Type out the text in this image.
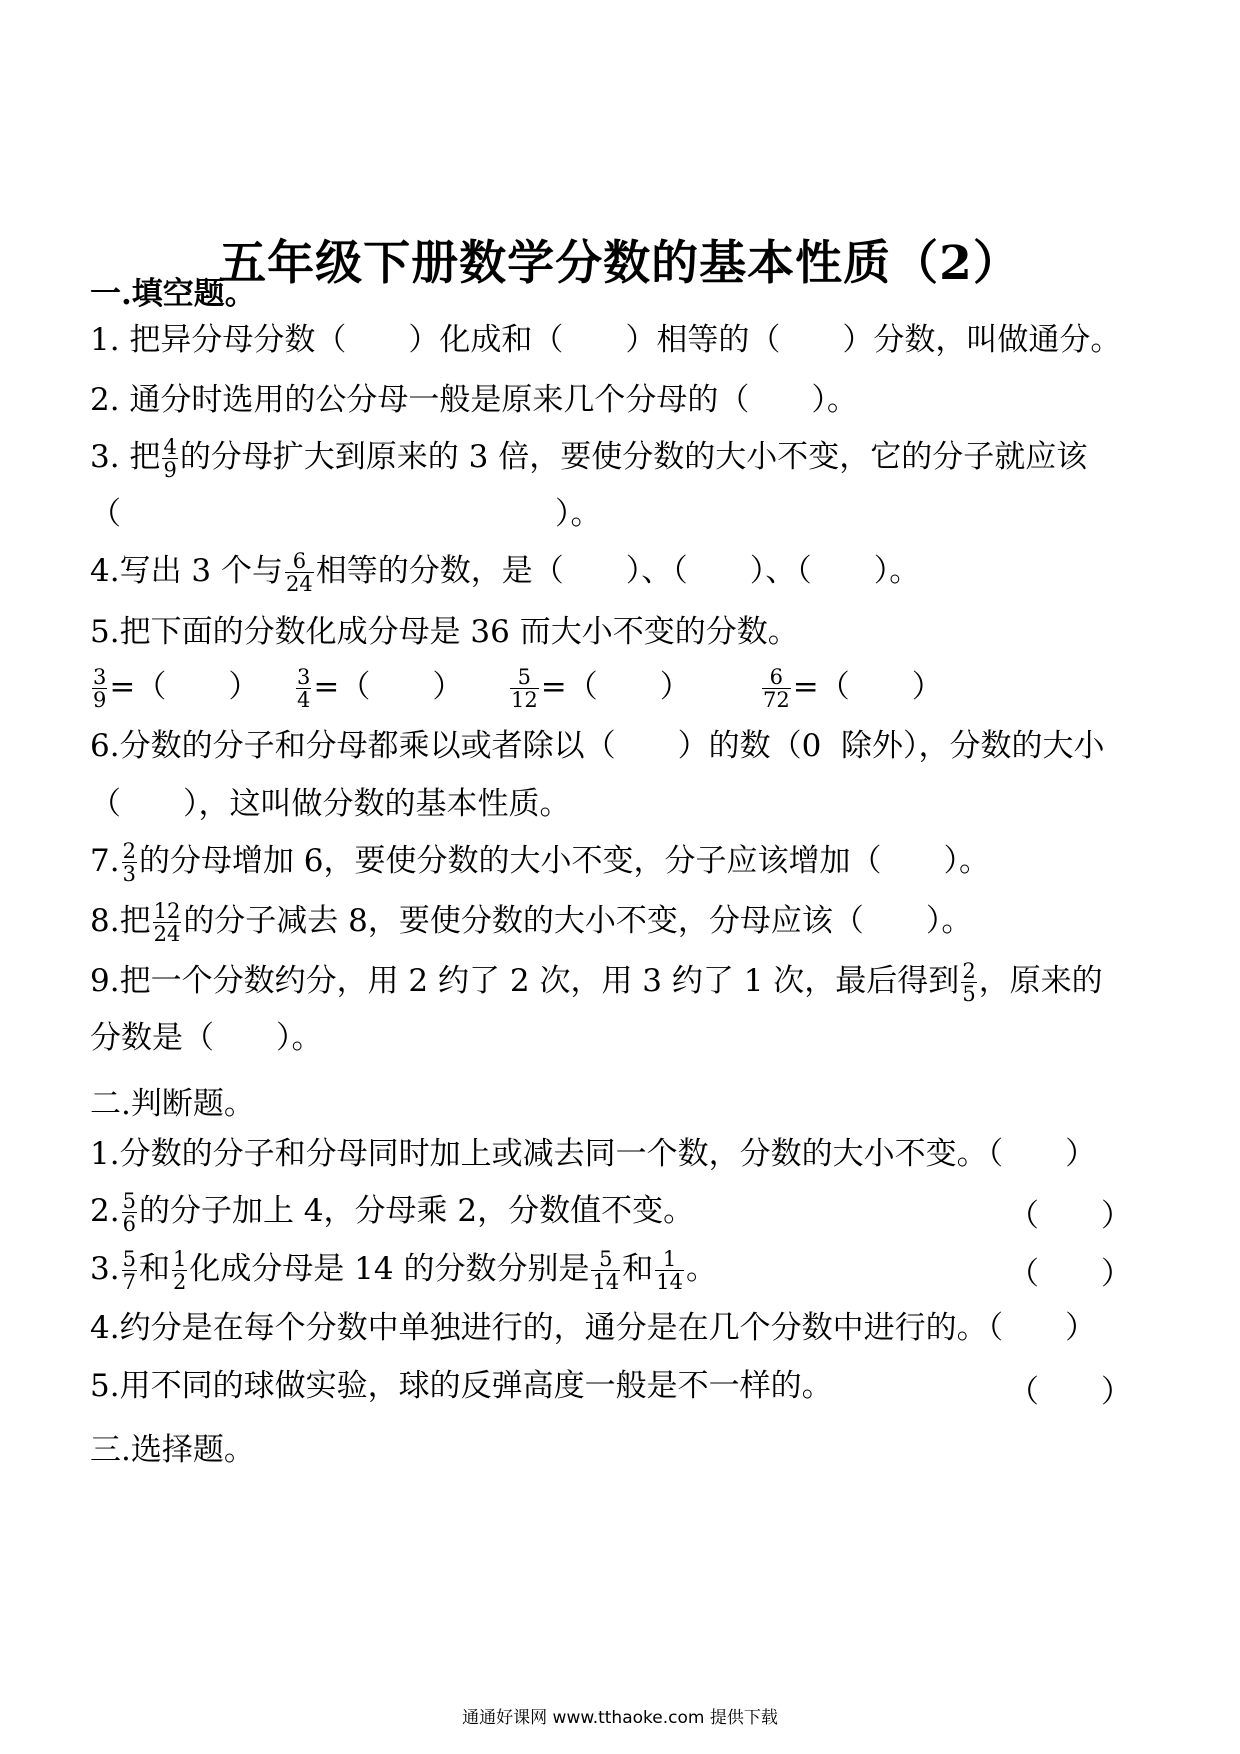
五年级下册数学分数的基本性质（2）
一.填空题。
1. 把异分母分数（　　）化成和（　　）相等的（　　）分数，叫做通分。
2. 通分时选用的公分母一般是原来几个分母的（　　）。
3. 把 $\frac{4}{9}$ 的分母扩大到原来的 3 倍，要使分数的大小不变，它的分子就应该
（　　　　　　　　　　　　　　）。
4.写出 3 个与 $\frac{6}{24}$ 相等的分数，是（　　）、（　　）、（　　）。
5.把下面的分数化成分母是 36 而大小不变的分数。
$\frac{3}{9}$ =（　　） $\frac{3}{4}$ =（　　） $\frac{5}{12}$ =（　　）	$\frac{6}{72}$ =（　　）
6.分数的分子和分母都乘以或者除以（　　）的数（0  除外），分数的大小
（　　），这叫做分数的基本性质。
7. $\frac{2}{3}$ 的分母增加 6，要使分数的大小不变，分子应该增加（　　）。
8.把 $\frac{12}{24}$ 的分子减去 8，要使分数的大小不变，分母应该（　　）。
9.把一个分数约分，用 2 约了 2 次，用 3 约了 1 次，最后得到 $\frac{2}{5}$ ，原来的
分数是（　　）。
二.判断题。
1.分数的分子和分母同时加上或减去同一个数，分数的大小不变。（　　）
2. $\frac{5}{6}$ 的分子加上 4，分母乘 2，分数值不变。	（　　）
3. $\frac{5}{7}$ 和 $\frac{1}{2}$ 化成分母是 14 的分数分别是 $\frac{5}{14}$ 和 $\frac{1}{14}$ 。	（　　）
4.约分是在每个分数中单独进行的，通分是在几个分数中进行的。（　　）
5.用不同的球做实验，球的反弹高度一般是不一样的。	（　　）
三.选择题。
通通好课网 www.tthaoke.com 提供下载
